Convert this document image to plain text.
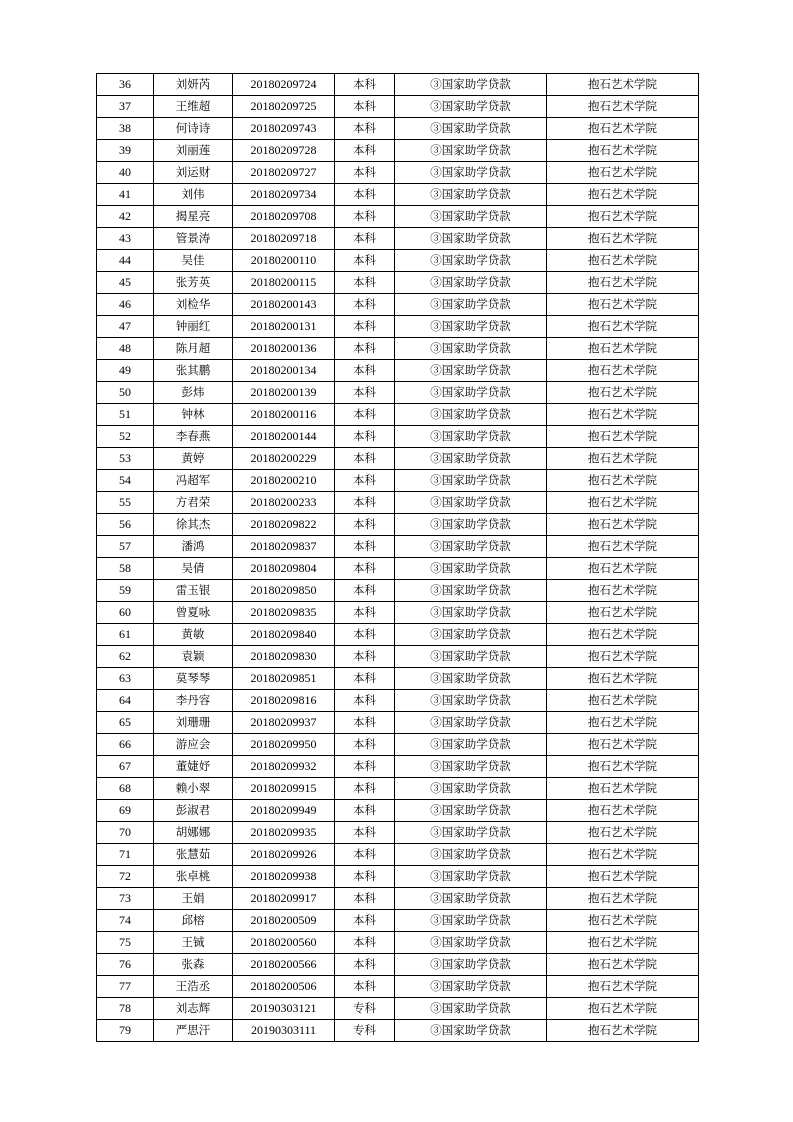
36	刘妍芮	20180209724	本科	③国家助学贷款	抱石艺术学院
37	王维超	20180209725	本科	③国家助学贷款	抱石艺术学院
38	何诗诗	20180209743	本科	③国家助学贷款	抱石艺术学院
39	刘丽莲	20180209728	本科	③国家助学贷款	抱石艺术学院
40	刘运财	20180209727	本科	③国家助学贷款	抱石艺术学院
41	刘伟	20180209734	本科	③国家助学贷款	抱石艺术学院
42	揭星亮	20180209708	本科	③国家助学贷款	抱石艺术学院
43	管景涛	20180209718	本科	③国家助学贷款	抱石艺术学院
44	吴佳	20180200110	本科	③国家助学贷款	抱石艺术学院
45	张芳英	20180200115	本科	③国家助学贷款	抱石艺术学院
46	刘检华	20180200143	本科	③国家助学贷款	抱石艺术学院
47	钟丽红	20180200131	本科	③国家助学贷款	抱石艺术学院
48	陈月超	20180200136	本科	③国家助学贷款	抱石艺术学院
49	张其鹏	20180200134	本科	③国家助学贷款	抱石艺术学院
50	彭炜	20180200139	本科	③国家助学贷款	抱石艺术学院
51	钟林	20180200116	本科	③国家助学贷款	抱石艺术学院
52	李春燕	20180200144	本科	③国家助学贷款	抱石艺术学院
53	黄婷	20180200229	本科	③国家助学贷款	抱石艺术学院
54	冯超军	20180200210	本科	③国家助学贷款	抱石艺术学院
55	方君荣	20180200233	本科	③国家助学贷款	抱石艺术学院
56	徐其杰	20180209822	本科	③国家助学贷款	抱石艺术学院
57	潘鸿	20180209837	本科	③国家助学贷款	抱石艺术学院
58	吴倩	20180209804	本科	③国家助学贷款	抱石艺术学院
59	雷玉银	20180209850	本科	③国家助学贷款	抱石艺术学院
60	曾夏咏	20180209835	本科	③国家助学贷款	抱石艺术学院
61	黄敏	20180209840	本科	③国家助学贷款	抱石艺术学院
62	袁颖	20180209830	本科	③国家助学贷款	抱石艺术学院
63	莫琴琴	20180209851	本科	③国家助学贷款	抱石艺术学院
64	李丹容	20180209816	本科	③国家助学贷款	抱石艺术学院
65	刘珊珊	20180209937	本科	③国家助学贷款	抱石艺术学院
66	游应会	20180209950	本科	③国家助学贷款	抱石艺术学院
67	董婕妤	20180209932	本科	③国家助学贷款	抱石艺术学院
68	赖小翠	20180209915	本科	③国家助学贷款	抱石艺术学院
69	彭淑君	20180209949	本科	③国家助学贷款	抱石艺术学院
70	胡娜娜	20180209935	本科	③国家助学贷款	抱石艺术学院
71	张慧茹	20180209926	本科	③国家助学贷款	抱石艺术学院
72	张卓桃	20180209938	本科	③国家助学贷款	抱石艺术学院
73	王娟	20180209917	本科	③国家助学贷款	抱石艺术学院
74	邱榕	20180200509	本科	③国家助学贷款	抱石艺术学院
75	王铖	20180200560	本科	③国家助学贷款	抱石艺术学院
76	张森	20180200566	本科	③国家助学贷款	抱石艺术学院
77	王浩丞	20180200506	本科	③国家助学贷款	抱石艺术学院
78	刘志辉	20190303121	专科	③国家助学贷款	抱石艺术学院
79	严思汗	20190303111	专科	③国家助学贷款	抱石艺术学院
